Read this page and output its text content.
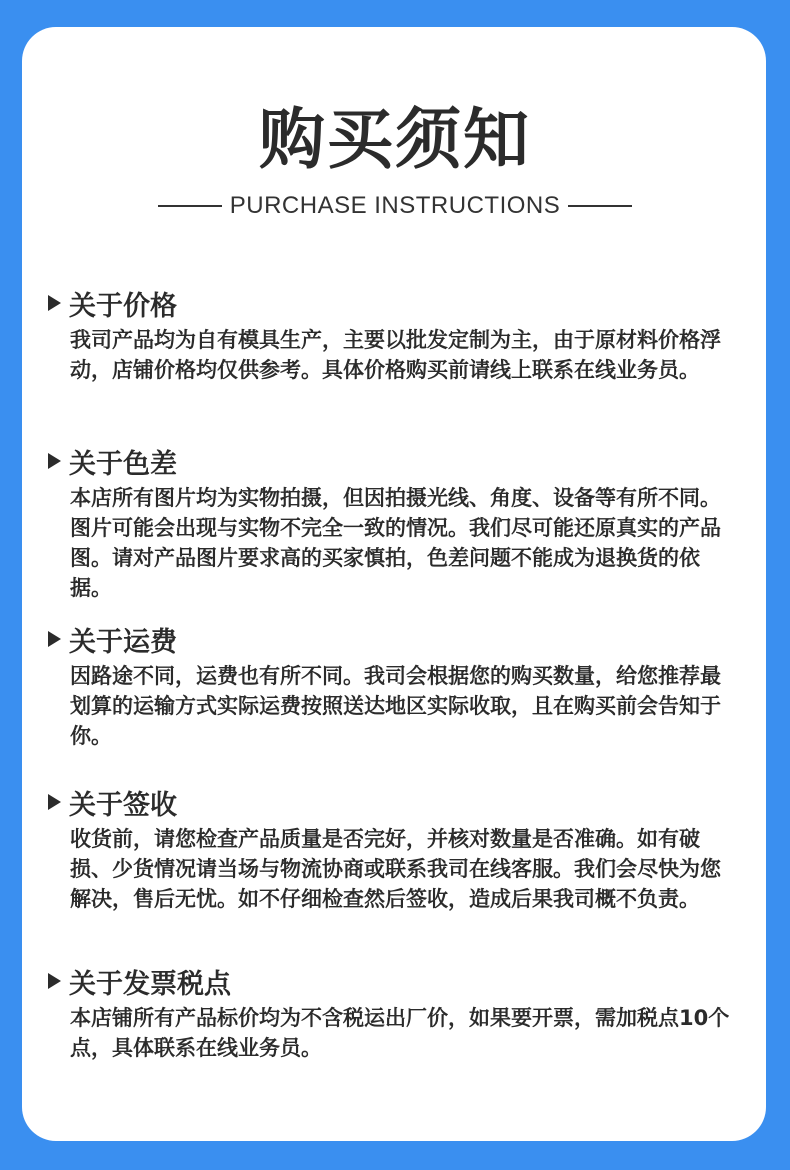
购买须知
PURCHASE INSTRUCTIONS
关于价格
我司产品均为自有模具生产，主要以批发定制为主，由于原材料价格浮动，店铺价格均仅供参考。具体价格购买前请线上联系在线业务员。
关于色差
本店所有图片均为实物拍摄，但因拍摄光线、角度、设备等有所不同。图片可能会出现与实物不完全一致的情况。我们尽可能还原真实的产品图。请对产品图片要求高的买家慎拍，色差问题不能成为退换货的依据。
关于运费
因路途不同，运费也有所不同。我司会根据您的购买数量，给您推荐最划算的运输方式实际运费按照送达地区实际收取，且在购买前会告知于你。
关于签收
收货前，请您检查产品质量是否完好，并核对数量是否准确。如有破损、少货情况请当场与物流协商或联系我司在线客服。我们会尽快为您解决，售后无忧。如不仔细检查然后签收，造成后果我司概不负责。
关于发票税点
本店铺所有产品标价均为不含税运出厂价，如果要开票，需加税点10个点，具体联系在线业务员。
